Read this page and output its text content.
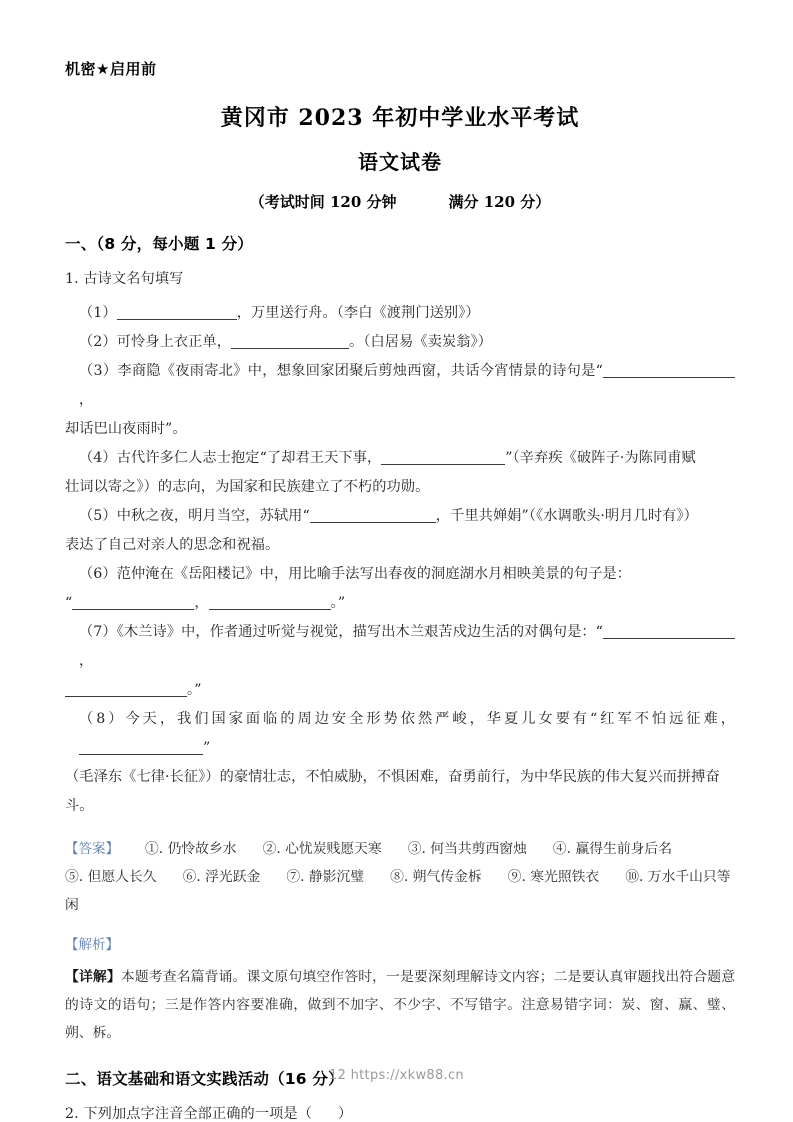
机密★启用前
黄冈市 2023 年初中学业水平考试
语文试卷
（考试时间 120 分钟	满分 120 分）
一、（8 分，每小题 1 分）

1. 古诗文名句填写

（1）	，万里送行舟。（李白《渡荆门送别》）

（2）可怜身上衣正单，	。（白居易《卖炭翁》）

（3）李商隐《夜雨寄北》中，想象回家团聚后剪烛西窗，共话今宵情景的诗句是“，

却话巴山夜雨时”。

（4）古代许多仁人志士抱定“了却君王天下事，	”（辛弃疾《破阵子·为陈同甫赋

壮词以寄之》）的志向，为国家和民族建立了不朽的功勋。

（5）中秋之夜，明月当空，苏轼用“	，千里共婵娟”（《水调歌头·明月几时有》）

表达了自己对亲人的思念和祝福。

（6）范仲淹在《岳阳楼记》中，用比喻手法写出春夜的洞庭湖水月相映美景的句子是：

“	，	。”

（7）《木兰诗》中，作者通过听觉与视觉，描写出木兰艰苦戍边生活的对偶句是：“，

。”

（8）今天，我们国家面临的周边安全形势依然严峻，华夏儿女要有“红军不怕远征难，”

（毛泽东《七律·长征》）的豪情壮志，不怕威胁，不惧困难，奋勇前行，为中华民族的伟大复兴而拼搏奋

斗。

【答案】 ①. 仍怜故乡水 ②. 心忧炭贱愿天寒 ③. 何当共剪西窗烛 ④. 赢得生前身后名⑤. 但愿人长久 ⑥. 浮光跃金 ⑦. 静影沉璧 ⑧. 朔气传金柝 ⑨. 寒光照铁衣 ⑩. 万水千山只等闲

【解析】

【详解】本题考查名篇背诵。课文原句填空作答时，一是要深刻理解诗文内容；二是要认真审题找出符合题意的诗文的语句；三是作答内容要准确，做到不加字、不少字、不写错字。注意易错字词：炭、窗、赢、璧、朔、柝。

二、语文基础和语文实践活动（16 分）

2. 下列加点字注音全部正确的一项是（ ）

12 https://xkw88.cn
